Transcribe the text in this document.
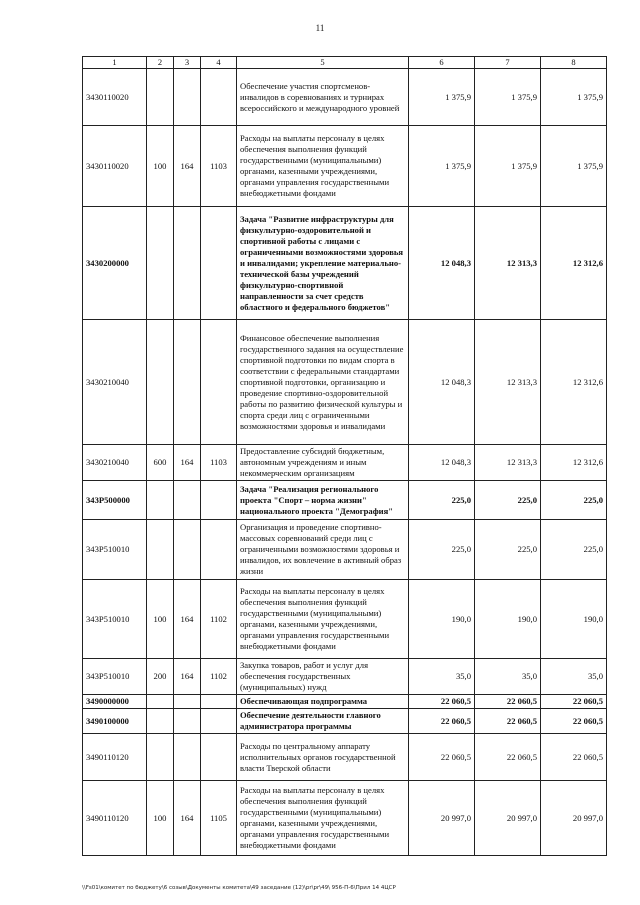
11
1	2	3	4	5	6	7	8
3430110020				Обеспечение участия спортсменов-инвалидов в соревнованиях и турнирах всероссийского и международного уровней	1 375,9	1 375,9	1 375,9
3430110020	100	164	1103	Расходы на выплаты персоналу в целях обеспечения выполнения функций государственными (муниципальными) органами, казенными учреждениями, органами управления государственными внебюджетными фондами	1 375,9	1 375,9	1 375,9
3430200000				Задача "Развитие инфраструктуры для физкультурно-оздоровительной и спортивной работы с лицами с ограниченными возможностями здоровья и инвалидами; укрепление материально-технической базы учреждений физкультурно-спортивной направленности за счет средств областного и федерального бюджетов"	12 048,3	12 313,3	12 312,6
3430210040				Финансовое обеспечение выполнения государственного задания на осуществление спортивной подготовки по видам спорта в соответствии с федеральными стандартами спортивной подготовки, организацию и проведение спортивно-оздоровительной работы по развитию физической культуры и спорта среди лиц с ограниченными возможностями здоровья и инвалидами	12 048,3	12 313,3	12 312,6
3430210040	600	164	1103	Предоставление субсидий бюджетным, автономным учреждениям и иным некоммерческим организациям	12 048,3	12 313,3	12 312,6
343P500000				Задача "Реализация регионального проекта "Спорт – норма жизни" национального проекта "Демография"	225,0	225,0	225,0
343P510010				Организация и проведение спортивно-массовых соревнований среди лиц с ограниченными возможностями здоровья и инвалидов, их вовлечение в активный образ жизни	225,0	225,0	225,0
343P510010	100	164	1102	Расходы на выплаты персоналу в целях обеспечения выполнения функций государственными (муниципальными) органами, казенными учреждениями, органами управления государственными внебюджетными фондами	190,0	190,0	190,0
343P510010	200	164	1102	Закупка товаров, работ и услуг для обеспечения государственных (муниципальных) нужд	35,0	35,0	35,0
3490000000				Обеспечивающая подпрограмма	22 060,5	22 060,5	22 060,5
3490100000				Обеспечение деятельности главного администратора программы	22 060,5	22 060,5	22 060,5
3490110120				Расходы по центральному аппарату исполнительных органов государственной власти Тверской области	22 060,5	22 060,5	22 060,5
3490110120	100	164	1105	Расходы на выплаты персоналу в целях обеспечения выполнения функций государственными (муниципальными) органами, казенными учреждениями, органами управления государственными внебюджетными фондами	20 997,0	20 997,0	20 997,0
\\Fs01\комитет по бюджету\6 созыв\Документы комитета\49 заседание (12)\pr\pr\49\ 956-П-6\Прил 14 4ЦСР
